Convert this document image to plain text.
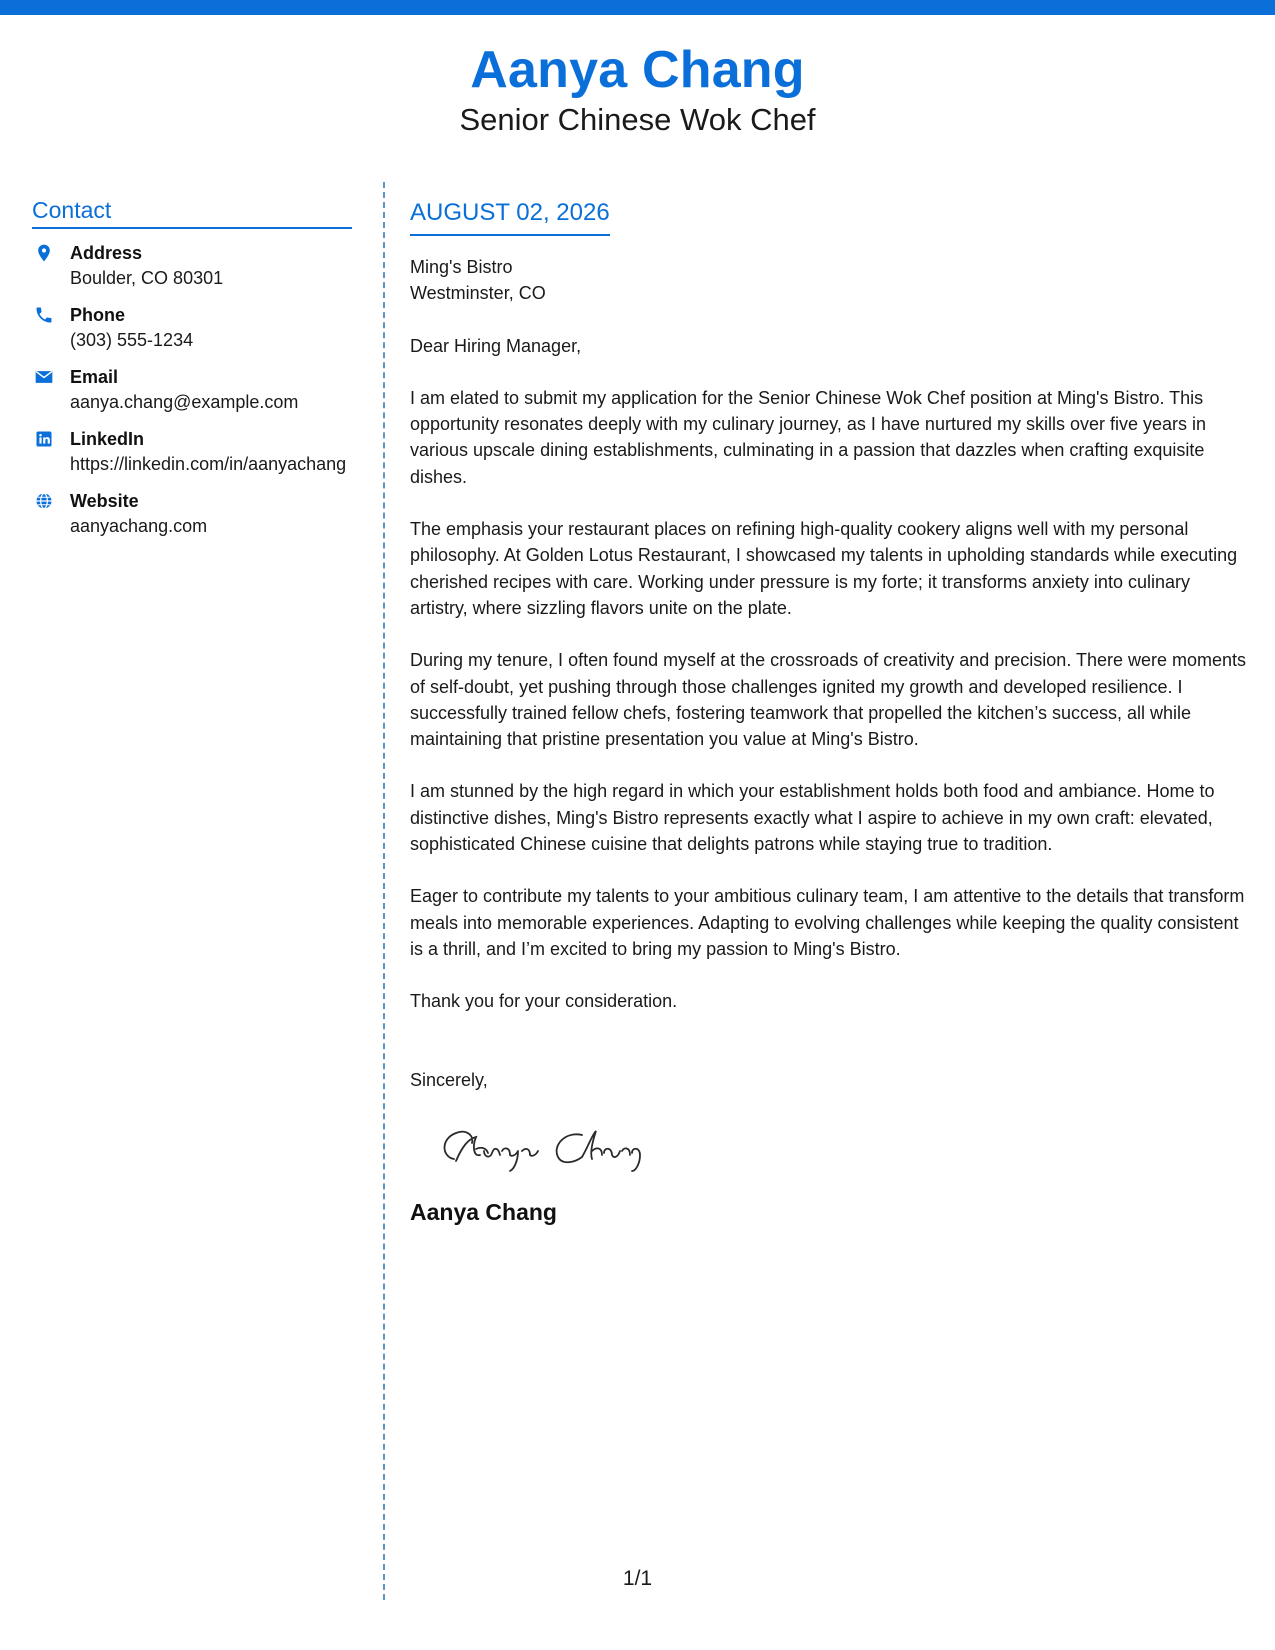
Aanya Chang
Senior Chinese Wok Chef
Contact
Address
Boulder, CO 80301
Phone
(303) 555-1234
Email
aanya.chang@example.com
LinkedIn
https://linkedin.com/in/aanyachang
Website
aanyachang.com
AUGUST 02, 2026
Ming's Bistro
Westminster, CO
Dear Hiring Manager,

I am elated to submit my application for the Senior Chinese Wok Chef position at Ming's Bistro. This opportunity resonates deeply with my culinary journey, as I have nurtured my skills over five years in various upscale dining establishments, culminating in a passion that dazzles when crafting exquisite dishes.

The emphasis your restaurant places on refining high-quality cookery aligns well with my personal philosophy. At Golden Lotus Restaurant, I showcased my talents in upholding standards while executing cherished recipes with care. Working under pressure is my forte; it transforms anxiety into culinary artistry, where sizzling flavors unite on the plate.

During my tenure, I often found myself at the crossroads of creativity and precision. There were moments of self-doubt, yet pushing through those challenges ignited my growth and developed resilience. I successfully trained fellow chefs, fostering teamwork that propelled the kitchen’s success, all while maintaining that pristine presentation you value at Ming's Bistro.

I am stunned by the high regard in which your establishment holds both food and ambiance. Home to distinctive dishes, Ming's Bistro represents exactly what I aspire to achieve in my own craft: elevated, sophisticated Chinese cuisine that delights patrons while staying true to tradition.

Eager to contribute my talents to your ambitious culinary team, I am attentive to the details that transform meals into memorable experiences. Adapting to evolving challenges while keeping the quality consistent is a thrill, and I’m excited to bring my passion to Ming's Bistro.

Thank you for your consideration.

Sincerely,
Aanya Chang
1/1
